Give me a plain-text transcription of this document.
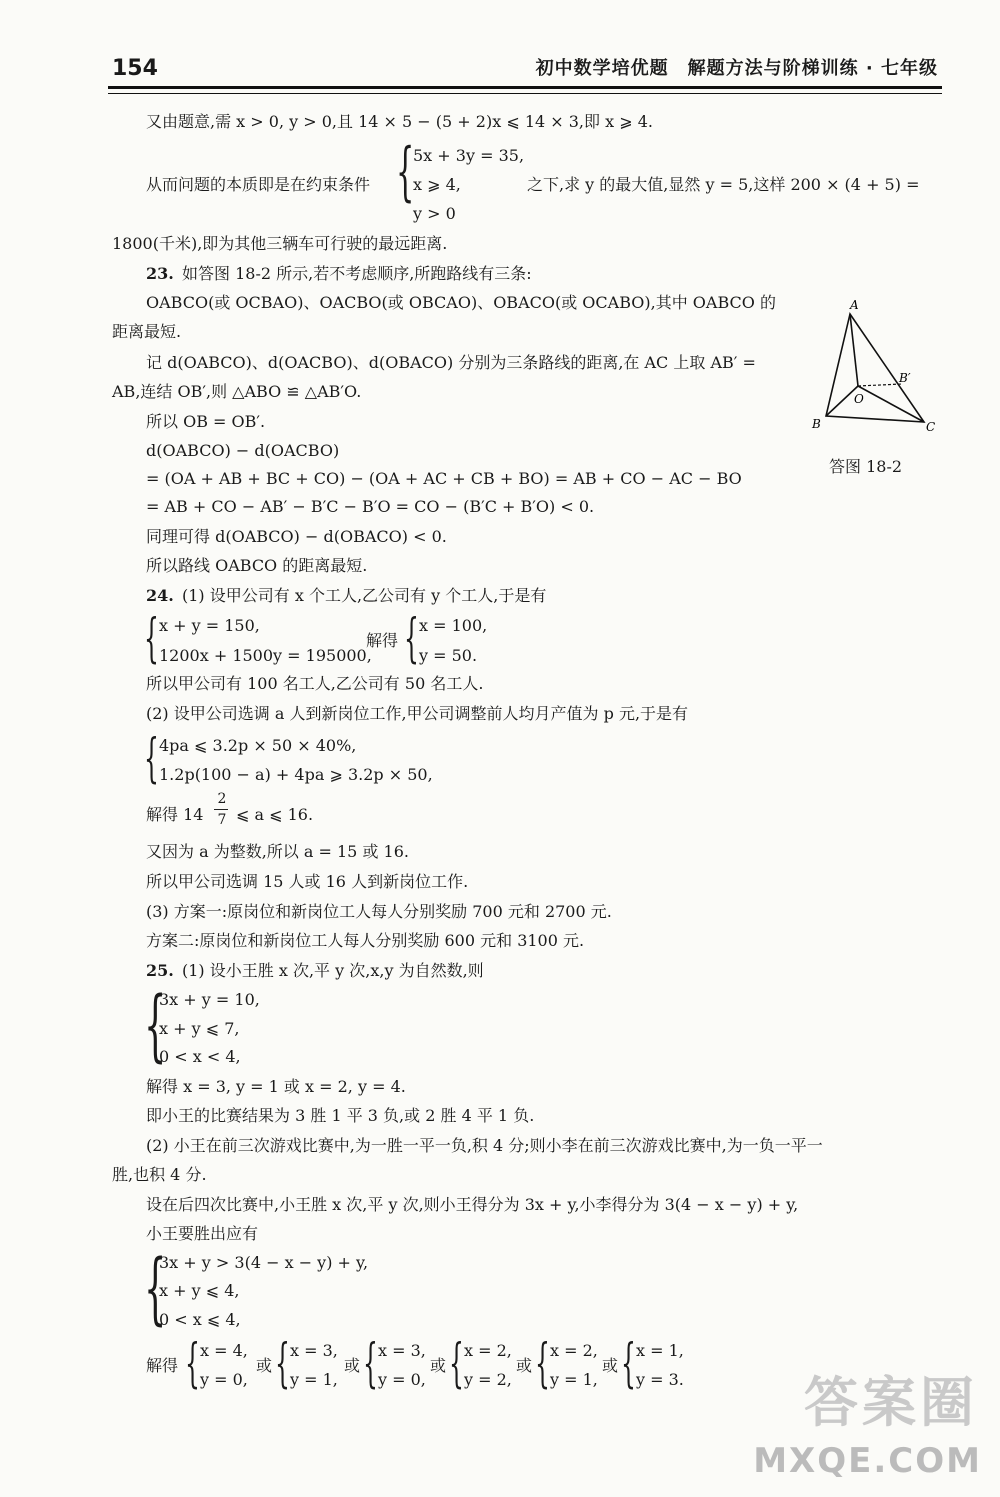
154	初中数学培优题　解题方法与阶梯训练 · 七年级
又由题意,需 x > 0, y > 0,且 14 × 5 − (5 + 2)x ⩽ 14 × 3,即 x ⩾ 4.
{
5x + 3y = 35,
从而问题的本质即是在约束条件	x ⩾ 4,	之下,求 y 的最大值,显然 y = 5,这样 200 × (4 + 5) =
y > 0
1800(千米),即为其他三辆车可行驶的最远距离.
23. 如答图 18-2 所示,若不考虑顺序,所跑路线有三条:
OABCO(或 OCBAO)、OACBO(或 OBCAO)、OBACO(或 OCABO),其中 OABCO 的
距离最短.
记 d(OABCO)、d(OACBO)、d(OBACO) 分别为三条路线的距离,在 AC 上取 AB′ =
AB,连结 OB′,则 △ABO ≌ △AB′O.
所以 OB = OB′.
d(OABCO) − d(OACBO)
= (OA + AB + BC + CO) − (OA + AC + CB + BO) = AB + CO − AC − BO
= AB + CO − AB′ − B′C − B′O = CO − (B′C + B′O) < 0.
同理可得 d(OABCO) − d(OBACO) < 0.
所以路线 OABCO 的距离最短.
A
B	C
O
B′
答图 18-2
24. (1) 设甲公司有 x 个工人,乙公司有 y 个工人,于是有
{ x + y = 150,
1200x + 1500y = 195000,
解得 { x = 100,
y = 50.
所以甲公司有 100 名工人,乙公司有 50 名工人.
(2) 设甲公司选调 a 人到新岗位工作,甲公司调整前人均月产值为 p 元,于是有
{ 4pa ⩽ 3.2p × 50 × 40%,
1.2p(100 − a) + 4pa ⩾ 3.2p × 50,
解得 14
2
7 ⩽ a ⩽ 16.
又因为 a 为整数,所以 a = 15 或 16.
所以甲公司选调 15 人或 16 人到新岗位工作.
(3) 方案一:原岗位和新岗位工人每人分别奖励 700 元和 2700 元.
方案二:原岗位和新岗位工人每人分别奖励 600 元和 3100 元.
25. (1) 设小王胜 x 次,平 y 次,x,y 为自然数,则
{
3x + y = 10,
x + y ⩽ 7,
0 < x < 4,
解得 x = 3, y = 1 或 x = 2, y = 4.
即小王的比赛结果为 3 胜 1 平 3 负,或 2 胜 4 平 1 负.
(2) 小王在前三次游戏比赛中,为一胜一平一负,积 4 分;则小李在前三次游戏比赛中,为一负一平一
胜,也积 4 分.
设在后四次比赛中,小王胜 x 次,平 y 次,则小王得分为 3x + y,小李得分为 3(4 − x − y) + y,
小王要胜出应有
{
3x + y > 3(4 − x − y) + y,
x + y ⩽ 4,
0 < x ⩽ 4,
解得 { x = 4,
y = 0,
或 { x = 3,
y = 1,
或 { x = 3,
y = 0,
或 { x = 2,
y = 2,
或 { x = 2,
y = 1,
或 { x = 1,
y = 3. 答案圈
MXQE.COM
